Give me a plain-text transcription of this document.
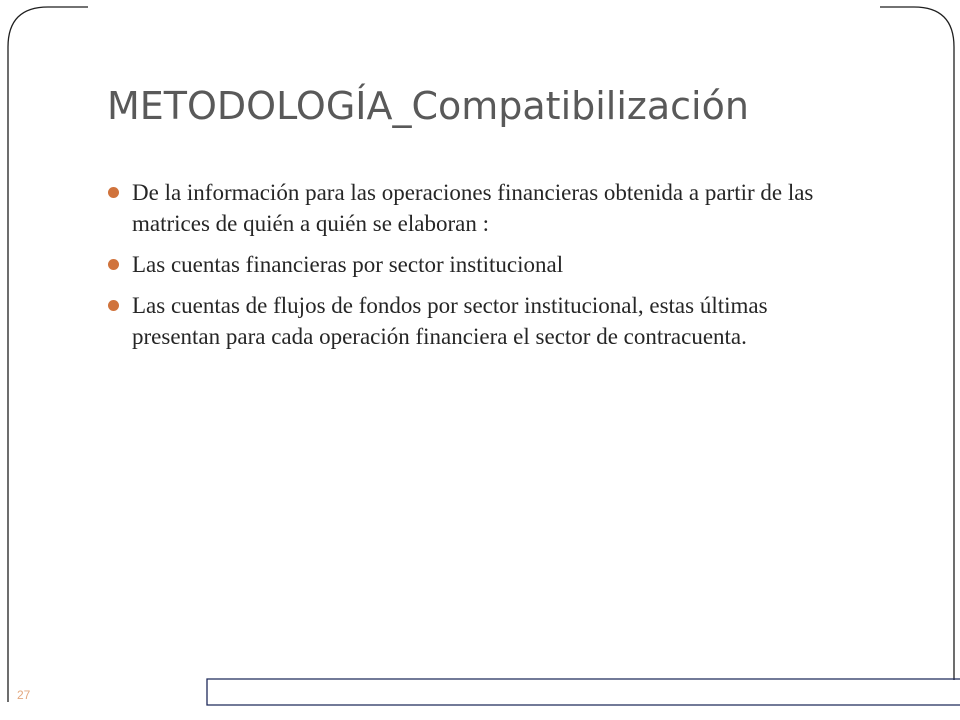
METODOLOGÍA_Compatibilización
De la información para las operaciones financieras obtenida a partir de las matrices de quién a quién se elaboran :
Las cuentas financieras por sector institucional
Las cuentas de flujos de fondos por sector institucional, estas últimas presentan para cada operación financiera el sector de contracuenta.
27
